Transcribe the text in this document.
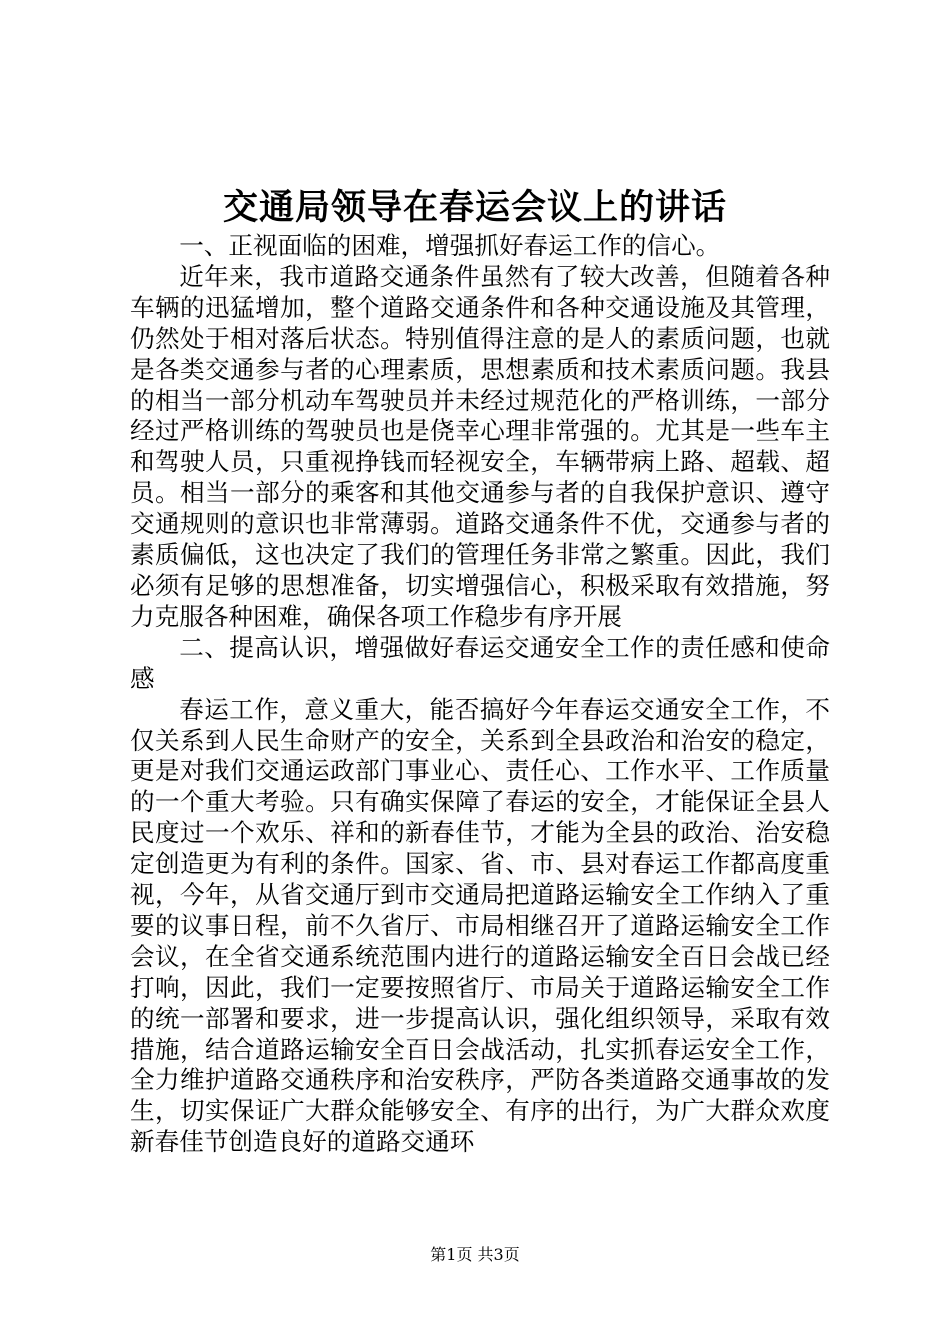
交通局领导在春运会议上的讲话

一、正视面临的困难，增强抓好春运工作的信心。

近年来，我市道路交通条件虽然有了较大改善，但随着各种车辆的迅猛增加，整个道路交通条件和各种交通设施及其管理，仍然处于相对落后状态。特别值得注意的是人的素质问题，也就是各类交通参与者的心理素质，思想素质和技术素质问题。我县的相当一部分机动车驾驶员并未经过规范化的严格训练，一部分经过严格训练的驾驶员也是侥幸心理非常强的。尤其是一些车主和驾驶人员，只重视挣钱而轻视安全，车辆带病上路、超载、超员。相当一部分的乘客和其他交通参与者的自我保护意识、遵守交通规则的意识也非常薄弱。道路交通条件不优，交通参与者的素质偏低，这也决定了我们的管理任务非常之繁重。因此，我们必须有足够的思想准备，切实增强信心，积极采取有效措施，努力克服各种困难，确保各项工作稳步有序开展

二、提高认识，增强做好春运交通安全工作的责任感和使命感

春运工作，意义重大，能否搞好今年春运交通安全工作，不仅关系到人民生命财产的安全，关系到全县政治和治安的稳定，更是对我们交通运政部门事业心、责任心、工作水平、工作质量的一个重大考验。只有确实保障了春运的安全，才能保证全县人民度过一个欢乐、祥和的新春佳节，才能为全县的政治、治安稳定创造更为有利的条件。国家、省、市、县对春运工作都高度重视，今年，从省交通厅到市交通局把道路运输安全工作纳入了重要的议事日程，前不久省厅、市局相继召开了道路运输安全工作会议，在全省交通系统范围内进行的道路运输安全百日会战已经打响，因此，我们一定要按照省厅、市局关于道路运输安全工作的统一部署和要求，进一步提高认识，强化组织领导，采取有效措施，结合道路运输安全百日会战活动，扎实抓春运安全工作，全力维护道路交通秩序和治安秩序，严防各类道路交通事故的发生，切实保证广大群众能够安全、有序的出行，为广大群众欢度新春佳节创造良好的道路交通环

第1页 共3页
